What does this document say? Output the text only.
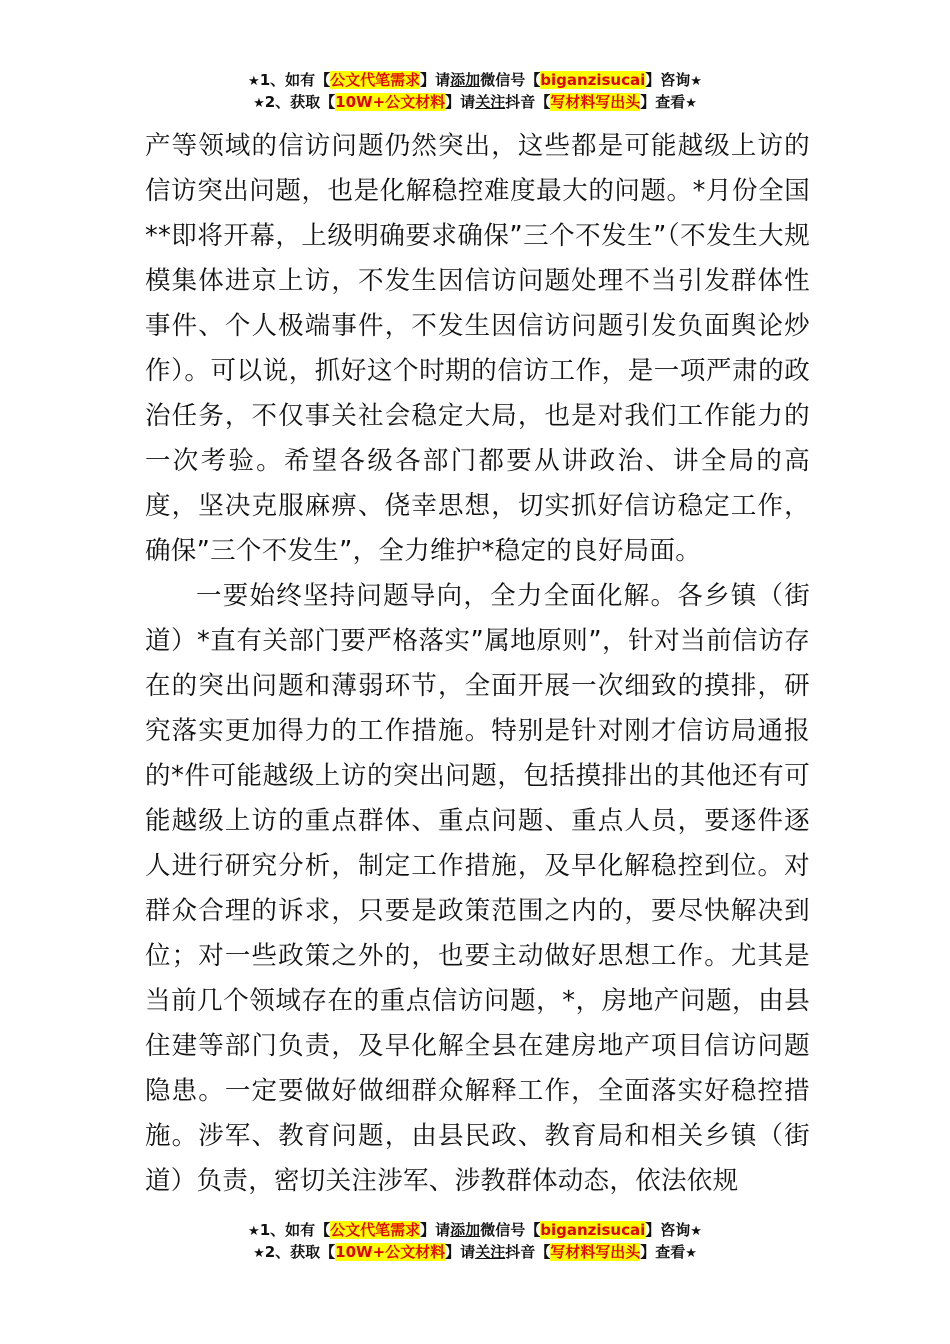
★1、如有【公文代笔需求】请添加微信号【biganzisucai】咨询★
★2、获取【10W+公文材料】请关注抖音【写材料写出头】查看★

产等领域的信访问题仍然突出，这些都是可能越级上访的信访突出问题，也是化解稳控难度最大的问题。*月份全国**即将开幕，上级明确要求确保”三个不发生”（不发生大规模集体进京上访，不发生因信访问题处理不当引发群体性事件、个人极端事件，不发生因信访问题引发负面舆论炒作）。可以说，抓好这个时期的信访工作，是一项严肃的政治任务，不仅事关社会稳定大局，也是对我们工作能力的一次考验。希望各级各部门都要从讲政治、讲全局的高度，坚决克服麻痹、侥幸思想，切实抓好信访稳定工作，确保”三个不发生”，全力维护*稳定的良好局面。

一要始终坚持问题导向，全力全面化解。各乡镇（街道）*直有关部门要严格落实”属地原则”，针对当前信访存在的突出问题和薄弱环节，全面开展一次细致的摸排，研究落实更加得力的工作措施。特别是针对刚才信访局通报的*件可能越级上访的突出问题，包括摸排出的其他还有可能越级上访的重点群体、重点问题、重点人员，要逐件逐人进行研究分析，制定工作措施，及早化解稳控到位。对群众合理的诉求，只要是政策范围之内的，要尽快解决到位；对一些政策之外的，也要主动做好思想工作。尤其是当前几个领域存在的重点信访问题，*，房地产问题，由县住建等部门负责，及早化解全县在建房地产项目信访问题隐患。一定要做好做细群众解释工作，全面落实好稳控措施。涉军、教育问题，由县民政、教育局和相关乡镇（街道）负责，密切关注涉军、涉教群体动态，依法依规

★1、如有【公文代笔需求】请添加微信号【biganzisucai】咨询★
★2、获取【10W+公文材料】请关注抖音【写材料写出头】查看★
